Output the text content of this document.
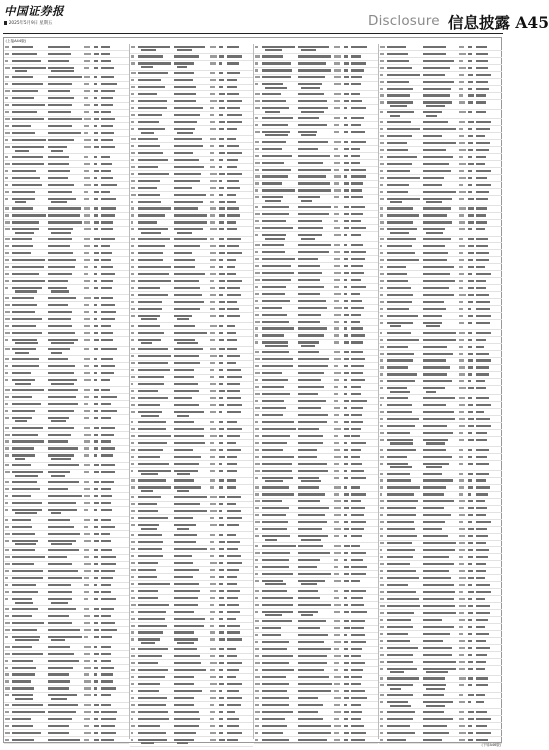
中国证券报
2025年5月9日 星期五	Disclosure 信息披露 A45
(上接A44版)
(下转A46版)
